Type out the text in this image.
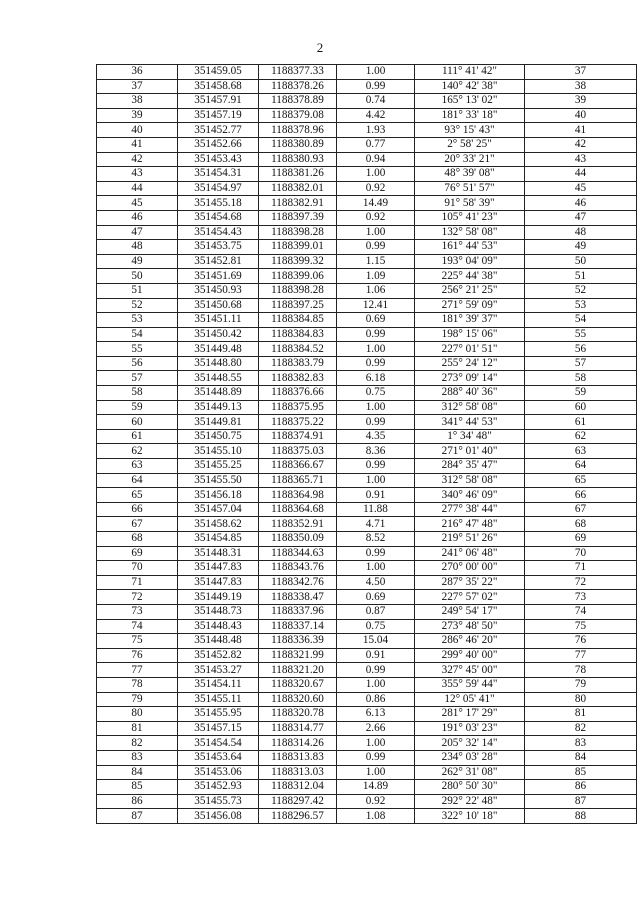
2
36	351459.05	1188377.33	1.00	111° 41' 42"	37
37	351458.68	1188378.26	0.99	140° 42' 38"	38
38	351457.91	1188378.89	0.74	165° 13' 02"	39
39	351457.19	1188379.08	4.42	181° 33' 18"	40
40	351452.77	1188378.96	1.93	93° 15' 43"	41
41	351452.66	1188380.89	0.77	2° 58' 25"	42
42	351453.43	1188380.93	0.94	20° 33' 21"	43
43	351454.31	1188381.26	1.00	48° 39' 08"	44
44	351454.97	1188382.01	0.92	76° 51' 57"	45
45	351455.18	1188382.91	14.49	91° 58' 39"	46
46	351454.68	1188397.39	0.92	105° 41' 23"	47
47	351454.43	1188398.28	1.00	132° 58' 08"	48
48	351453.75	1188399.01	0.99	161° 44' 53"	49
49	351452.81	1188399.32	1.15	193° 04' 09"	50
50	351451.69	1188399.06	1.09	225° 44' 38"	51
51	351450.93	1188398.28	1.06	256° 21' 25"	52
52	351450.68	1188397.25	12.41	271° 59' 09"	53
53	351451.11	1188384.85	0.69	181° 39' 37"	54
54	351450.42	1188384.83	0.99	198° 15' 06"	55
55	351449.48	1188384.52	1.00	227° 01' 51"	56
56	351448.80	1188383.79	0.99	255° 24' 12"	57
57	351448.55	1188382.83	6.18	273° 09' 14"	58
58	351448.89	1188376.66	0.75	288° 40' 36"	59
59	351449.13	1188375.95	1.00	312° 58' 08"	60
60	351449.81	1188375.22	0.99	341° 44' 53"	61
61	351450.75	1188374.91	4.35	1° 34' 48"	62
62	351455.10	1188375.03	8.36	271° 01' 40"	63
63	351455.25	1188366.67	0.99	284° 35' 47"	64
64	351455.50	1188365.71	1.00	312° 58' 08"	65
65	351456.18	1188364.98	0.91	340° 46' 09"	66
66	351457.04	1188364.68	11.88	277° 38' 44"	67
67	351458.62	1188352.91	4.71	216° 47' 48"	68
68	351454.85	1188350.09	8.52	219° 51' 26"	69
69	351448.31	1188344.63	0.99	241° 06' 48"	70
70	351447.83	1188343.76	1.00	270° 00' 00"	71
71	351447.83	1188342.76	4.50	287° 35' 22"	72
72	351449.19	1188338.47	0.69	227° 57' 02"	73
73	351448.73	1188337.96	0.87	249° 54' 17"	74
74	351448.43	1188337.14	0.75	273° 48' 50"	75
75	351448.48	1188336.39	15.04	286° 46' 20"	76
76	351452.82	1188321.99	0.91	299° 40' 00"	77
77	351453.27	1188321.20	0.99	327° 45' 00"	78
78	351454.11	1188320.67	1.00	355° 59' 44"	79
79	351455.11	1188320.60	0.86	12° 05' 41"	80
80	351455.95	1188320.78	6.13	281° 17' 29"	81
81	351457.15	1188314.77	2.66	191° 03' 23"	82
82	351454.54	1188314.26	1.00	205° 32' 14"	83
83	351453.64	1188313.83	0.99	234° 03' 28"	84
84	351453.06	1188313.03	1.00	262° 31' 08"	85
85	351452.93	1188312.04	14.89	280° 50' 30"	86
86	351455.73	1188297.42	0.92	292° 22' 48"	87
87	351456.08	1188296.57	1.08	322° 10' 18"	88
